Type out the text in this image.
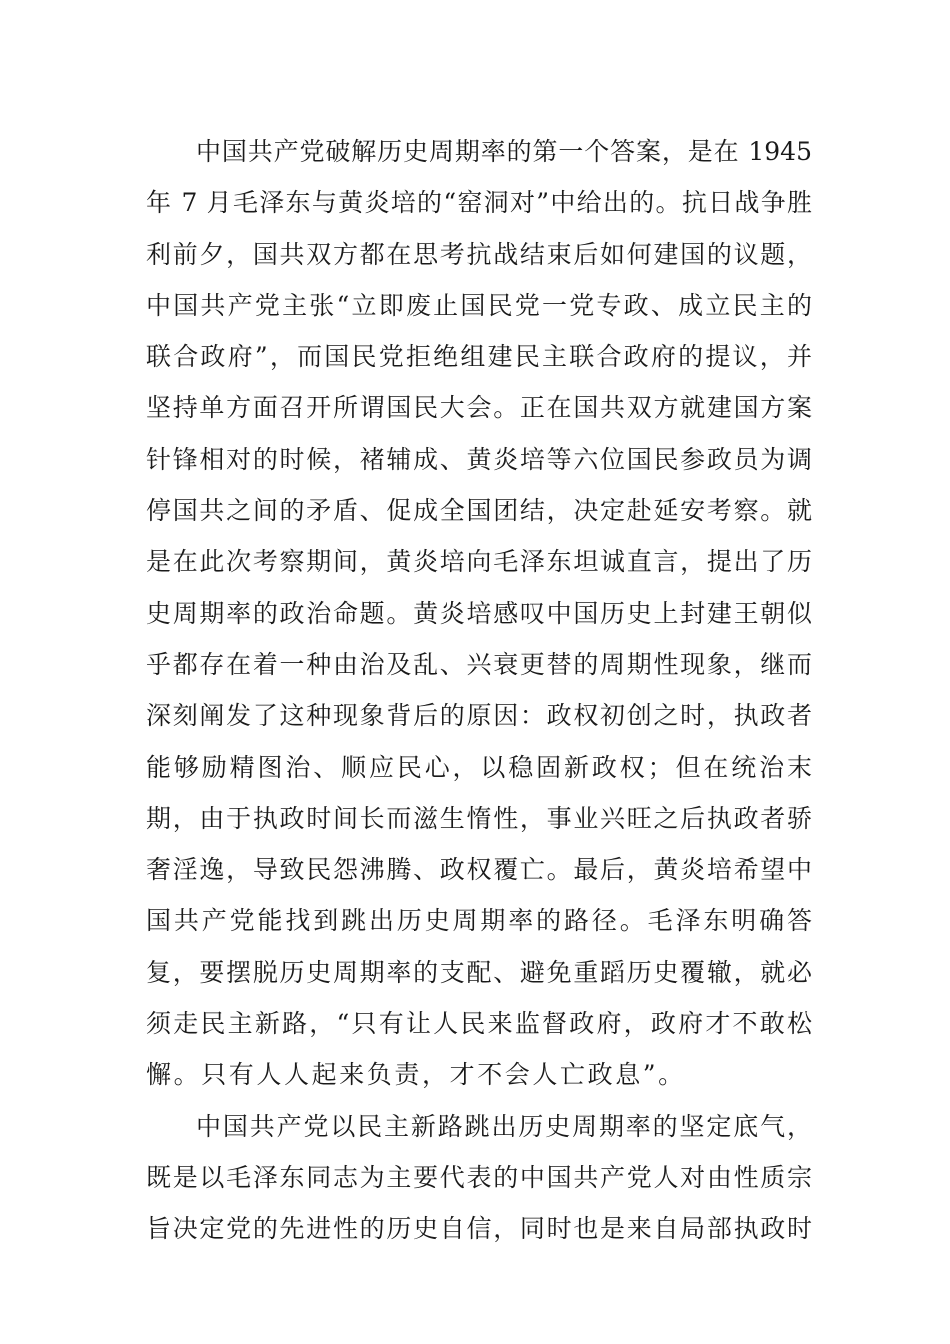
中国共产党破解历史周期率的第一个答案，是在 1945
年 7 月毛泽东与黄炎培的“窑洞对”中给出的。抗日战争胜
利前夕，国共双方都在思考抗战结束后如何建国的议题，
中国共产党主张“立即废止国民党一党专政、成立民主的
联合政府”，而国民党拒绝组建民主联合政府的提议，并
坚持单方面召开所谓国民大会。正在国共双方就建国方案
针锋相对的时候，褚辅成、黄炎培等六位国民参政员为调
停国共之间的矛盾、促成全国团结，决定赴延安考察。就
是在此次考察期间，黄炎培向毛泽东坦诚直言，提出了历
史周期率的政治命题。黄炎培感叹中国历史上封建王朝似
乎都存在着一种由治及乱、兴衰更替的周期性现象，继而
深刻阐发了这种现象背后的原因：政权初创之时，执政者
能够励精图治、顺应民心，以稳固新政权；但在统治末
期，由于执政时间长而滋生惰性，事业兴旺之后执政者骄
奢淫逸，导致民怨沸腾、政权覆亡。最后，黄炎培希望中
国共产党能找到跳出历史周期率的路径。毛泽东明确答
复，要摆脱历史周期率的支配、避免重蹈历史覆辙，就必
须走民主新路，“只有让人民来监督政府，政府才不敢松
懈。只有人人起来负责，才不会人亡政息”。
中国共产党以民主新路跳出历史周期率的坚定底气，
既是以毛泽东同志为主要代表的中国共产党人对由性质宗
旨决定党的先进性的历史自信，同时也是来自局部执政时
